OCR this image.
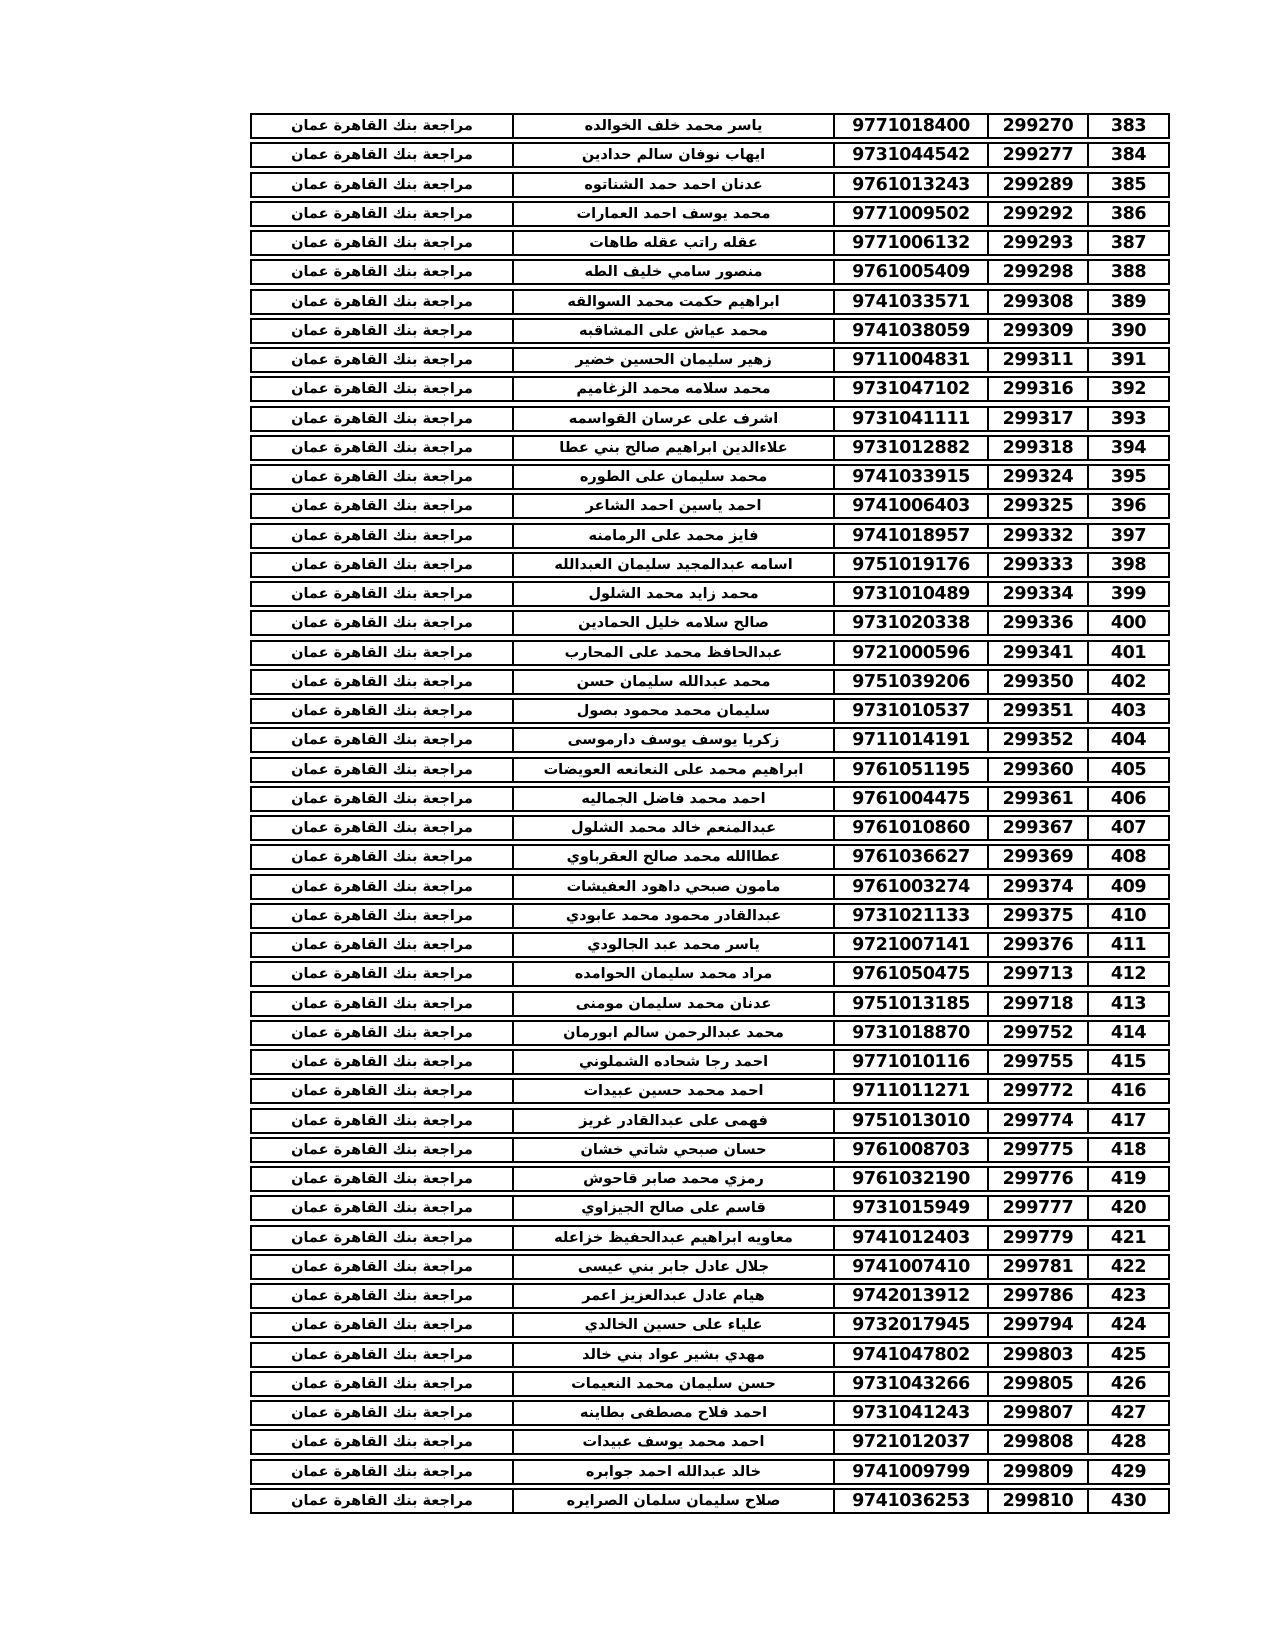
مراجعة بنك القاهرة عمان	ياسر محمد خلف الخوالده	9771018400	299270	383
مراجعة بنك القاهرة عمان	ايهاب نوفان سالم حدادين	9731044542	299277	384
مراجعة بنك القاهرة عمان	عدنان احمد حمد الشناتوه	9761013243	299289	385
مراجعة بنك القاهرة عمان	محمد يوسف احمد العمارات	9771009502	299292	386
مراجعة بنك القاهرة عمان	عقله راتب عقله طاهات	9771006132	299293	387
مراجعة بنك القاهرة عمان	منصور سامي خليف الطه	9761005409	299298	388
مراجعة بنك القاهرة عمان	ابراهيم حكمت محمد السوالقه	9741033571	299308	389
مراجعة بنك القاهرة عمان	محمد عياش على المشاقبه	9741038059	299309	390
مراجعة بنك القاهرة عمان	زهير سليمان الحسين خضير	9711004831	299311	391
مراجعة بنك القاهرة عمان	محمد سلامه محمد الزغاميم	9731047102	299316	392
مراجعة بنك القاهرة عمان	اشرف على عرسان القواسمه	9731041111	299317	393
مراجعة بنك القاهرة عمان	علاءالدين ابراهيم صالح بني عطا	9731012882	299318	394
مراجعة بنك القاهرة عمان	محمد سليمان على الطوره	9741033915	299324	395
مراجعة بنك القاهرة عمان	احمد ياسين احمد الشاعر	9741006403	299325	396
مراجعة بنك القاهرة عمان	فايز محمد على الرمامنه	9741018957	299332	397
مراجعة بنك القاهرة عمان	اسامه عبدالمجيد سليمان العبدالله	9751019176	299333	398
مراجعة بنك القاهرة عمان	محمد زايد محمد الشلول	9731010489	299334	399
مراجعة بنك القاهرة عمان	صالح سلامه خليل الحمادين	9731020338	299336	400
مراجعة بنك القاهرة عمان	عبدالحافظ محمد على المحارب	9721000596	299341	401
مراجعة بنك القاهرة عمان	محمد عبدالله سليمان حسن	9751039206	299350	402
مراجعة بنك القاهرة عمان	سليمان محمد محمود بصول	9731010537	299351	403
مراجعة بنك القاهرة عمان	زكريا يوسف يوسف دارموسى	9711014191	299352	404
مراجعة بنك القاهرة عمان	ابراهيم محمد على النعانعه العويضات	9761051195	299360	405
مراجعة بنك القاهرة عمان	احمد محمد فاضل الجماليه	9761004475	299361	406
مراجعة بنك القاهرة عمان	عبدالمنعم خالد محمد الشلول	9761010860	299367	407
مراجعة بنك القاهرة عمان	عطاالله محمد صالح العقرباوي	9761036627	299369	408
مراجعة بنك القاهرة عمان	مامون صبحي داهود العفيشات	9761003274	299374	409
مراجعة بنك القاهرة عمان	عبدالقادر محمود محمد عابودي	9731021133	299375	410
مراجعة بنك القاهرة عمان	ياسر محمد عبد الجالودي	9721007141	299376	411
مراجعة بنك القاهرة عمان	مراد محمد سليمان الحوامده	9761050475	299713	412
مراجعة بنك القاهرة عمان	عدنان محمد سليمان مومنى	9751013185	299718	413
مراجعة بنك القاهرة عمان	محمد عبدالرحمن سالم ابورمان	9731018870	299752	414
مراجعة بنك القاهرة عمان	احمد رجا شحاده الشملوني	9771010116	299755	415
مراجعة بنك القاهرة عمان	احمد محمد حسين عبيدات	9711011271	299772	416
مراجعة بنك القاهرة عمان	فهمى على عبدالقادر غريز	9751013010	299774	417
مراجعة بنك القاهرة عمان	حسان صبحي شاتي خشان	9761008703	299775	418
مراجعة بنك القاهرة عمان	رمزي محمد صابر قاحوش	9761032190	299776	419
مراجعة بنك القاهرة عمان	قاسم على صالح الجيزاوي	9731015949	299777	420
مراجعة بنك القاهرة عمان	معاويه ابراهيم عبدالحفيظ خزاعله	9741012403	299779	421
مراجعة بنك القاهرة عمان	جلال عادل جابر بني عيسى	9741007410	299781	422
مراجعة بنك القاهرة عمان	هيام عادل عبدالعزيز اعمر	9742013912	299786	423
مراجعة بنك القاهرة عمان	علياء على حسين الخالدي	9732017945	299794	424
مراجعة بنك القاهرة عمان	مهدي بشير عواد بني خالد	9741047802	299803	425
مراجعة بنك القاهرة عمان	حسن سليمان محمد النعيمات	9731043266	299805	426
مراجعة بنك القاهرة عمان	احمد فلاح مصطفى بطاينه	9731041243	299807	427
مراجعة بنك القاهرة عمان	احمد محمد يوسف عبيدات	9721012037	299808	428
مراجعة بنك القاهرة عمان	خالد عبدالله احمد جوابره	9741009799	299809	429
مراجعة بنك القاهرة عمان	صلاح سليمان سلمان الصرايره	9741036253	299810	430
